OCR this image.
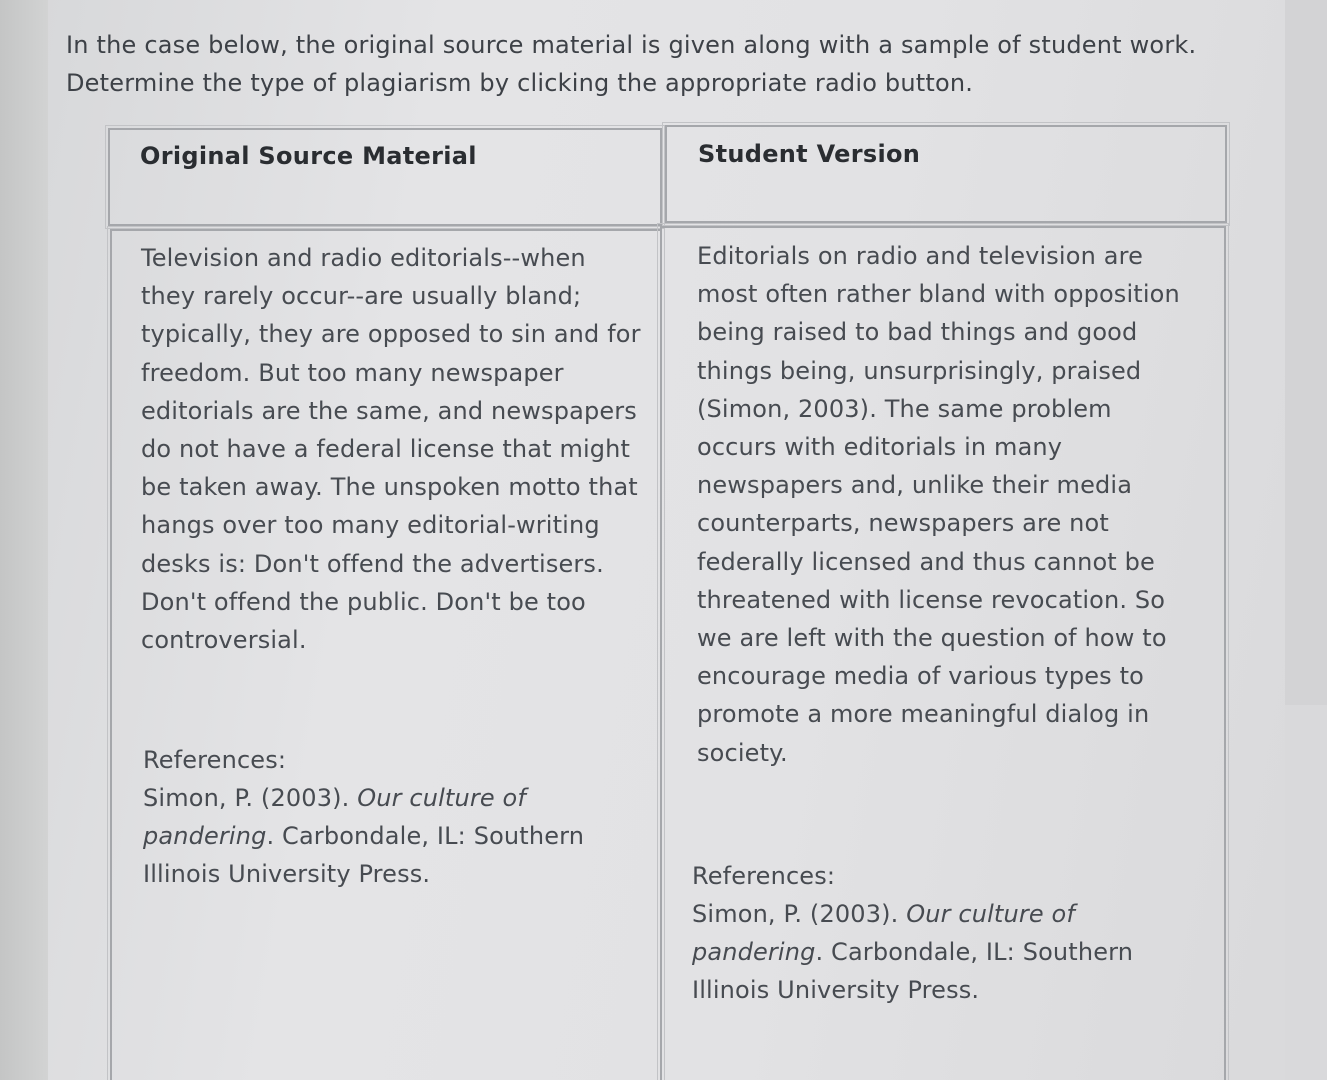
In the case below, the original source material is given along with a sample of student work.
Determine the type of plagiarism by clicking the appropriate radio button.

Original Source Material	Student Version

Television and radio editorials--when they rarely occur--are usually bland; typically, they are opposed to sin and for freedom. But too many newspaper editorials are the same, and newspapers do not have a federal license that might be taken away. The unspoken motto that hangs over too many editorial-writing desks is: Don't offend the advertisers. Don't offend the public. Don't be too controversial.

Editorials on radio and television are most often rather bland with opposition being raised to bad things and good things being, unsurprisingly, praised (Simon, 2003). The same problem occurs with editorials in many newspapers and, unlike their media counterparts, newspapers are not federally licensed and thus cannot be threatened with license revocation. So we are left with the question of how to encourage media of various types to promote a more meaningful dialog in society.

References:
Simon, P. (2003). Our culture of pandering. Carbondale, IL: Southern Illinois University Press.	References:
Simon, P. (2003). Our culture of pandering. Carbondale, IL: Southern Illinois University Press.
